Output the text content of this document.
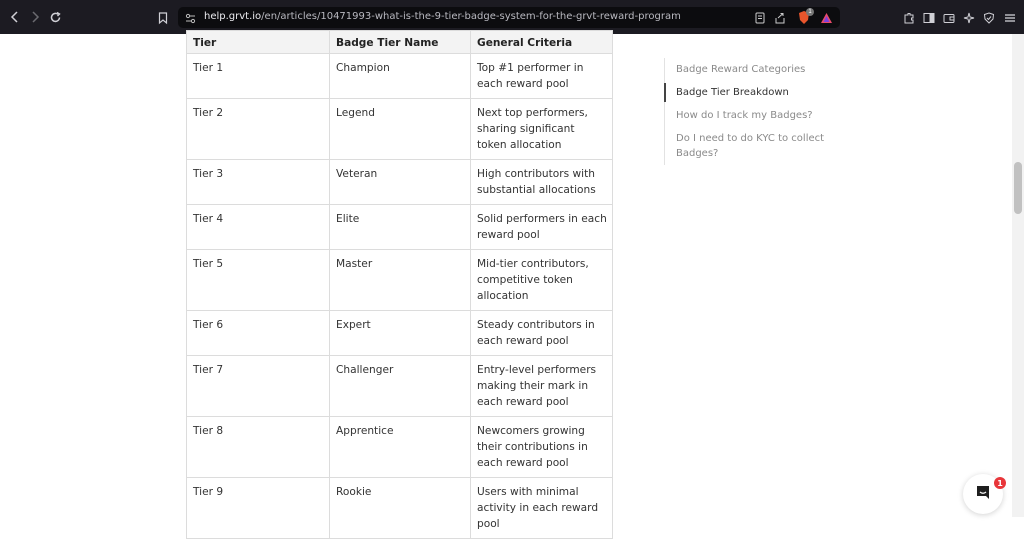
help.grvt.io/en/articles/10471993-what-is-the-9-tier-badge-system-for-the-grvt-reward-program	1
Tier	Badge Tier Name	General Criteria
Tier 1	Champion	Top #1 performer in each reward pool
Tier 2	Legend	Next top performers, sharing significant token allocation
Tier 3	Veteran	High contributors with substantial allocations
Tier 4	Elite	Solid performers in each reward pool
Tier 5	Master	Mid-tier contributors, competitive token allocation
Tier 6	Expert	Steady contributors in each reward pool
Tier 7	Challenger	Entry-level performers making their mark in each reward pool
Tier 8	Apprentice	Newcomers growing their contributions in each reward pool
Tier 9	Rookie	Users with minimal activity in each reward pool
Badge Reward Categories
Badge Tier Breakdown
How do I track my Badges?
Do I need to do KYC to collect Badges?
1
